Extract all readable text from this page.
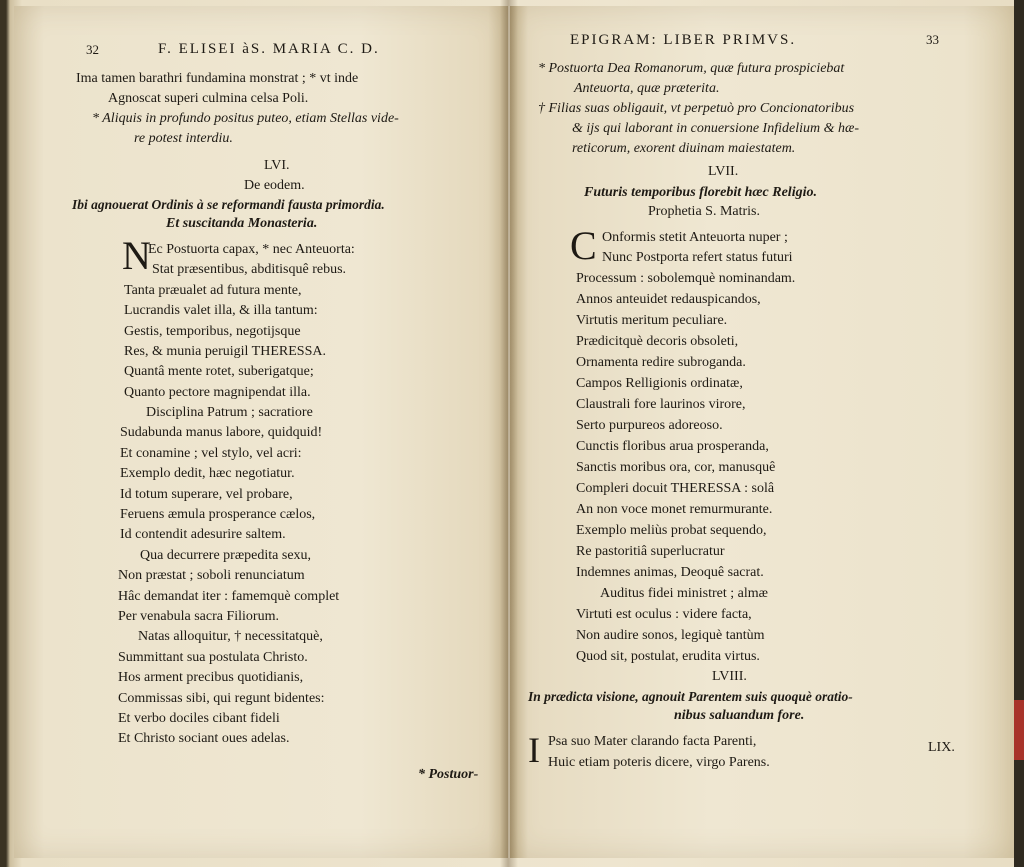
32	F. ELISEI àS. MARIA C. D.
Ima tamen barathri fundamina monstrat ; * vt inde
Agnoscat superi culmina celsa Poli.
* Aliquis in profundo positus puteo, etiam Stellas vide-
re potest interdiu.
LVI.
De eodem.
Ibi agnouerat Ordinis à se reformandi fausta primordia.
Et suscitanda Monasteria.
N
Ec Postuorta capax, * nec Anteuorta:
Stat præsentibus, abditisquê rebus.
Tanta præualet ad futura mente,
Lucrandis valet illa, & illa tantum:
Gestis, temporibus, negotijsque
Res, & munia peruigil THERESSA.
Quantâ mente rotet, suberigatque;
Quanto pectore magnipendat illa.
Disciplina Patrum ; sacratiore
Sudabunda manus labore, quidquid!
Et conamine ; vel stylo, vel acri:
Exemplo dedit, hæc negotiatur.
Id totum superare, vel probare,
Feruens æmula prosperance cælos,
Id contendit adesurire saltem.
Qua decurrere præpedita sexu,
Non præstat ; soboli renunciatum
Hâc demandat iter : famemquè complet
Per venabula sacra Filiorum.
Natas alloquitur, † necessitatquè,
Summittant sua postulata Christo.
Hos arment precibus quotidianis,
Commissas sibi, qui regunt bidentes:
Et verbo dociles cibant fideli
Et Christo sociant oues adelas.
* Postuor-
EPIGRAM: LIBER PRIMVS.	33
* Postuorta Dea Romanorum, quæ futura prospiciebat
Anteuorta, quæ præterita.
† Filias suas obligauit, vt perpetuò pro Concionatoribus
& ijs qui laborant in conuersione Infidelium & hæ-
reticorum, exorent diuinam maiestatem.
LVII.
Futuris temporibus florebit hæc Religio.
Prophetia S. Matris.
C Onformis stetit Anteuorta nuper ;
Nunc Postporta refert status futuri
Processum : sobolemquè nominandam.
Annos anteuidet redauspicandos,
Virtutis meritum peculiare.
Prædicitquè decoris obsoleti,
Ornamenta redire subroganda.
Campos Relligionis ordinatæ,
Claustrali fore laurinos virore,
Serto purpureos adoreoso.
Cunctis floribus arua prosperanda,
Sanctis moribus ora, cor, manusquê
Compleri docuit THERESSA : solâ
An non voce monet remurmurante.
Exemplo meliùs probat sequendo,
Re pastoritiâ superlucratur
Indemnes animas, Deoquê sacrat.
Auditus fidei ministret ; almæ
Virtuti est oculus : videre facta,
Non audire sonos, legiquè tantùm
Quod sit, postulat, erudita virtus.
LVIII.
In prædicta visione, agnouit Parentem suis quoquè oratio-
nibus saluandum fore.
I Psa suo Mater clarando facta Parenti,
Huic etiam poteris dicere, virgo Parens.
LIX.
